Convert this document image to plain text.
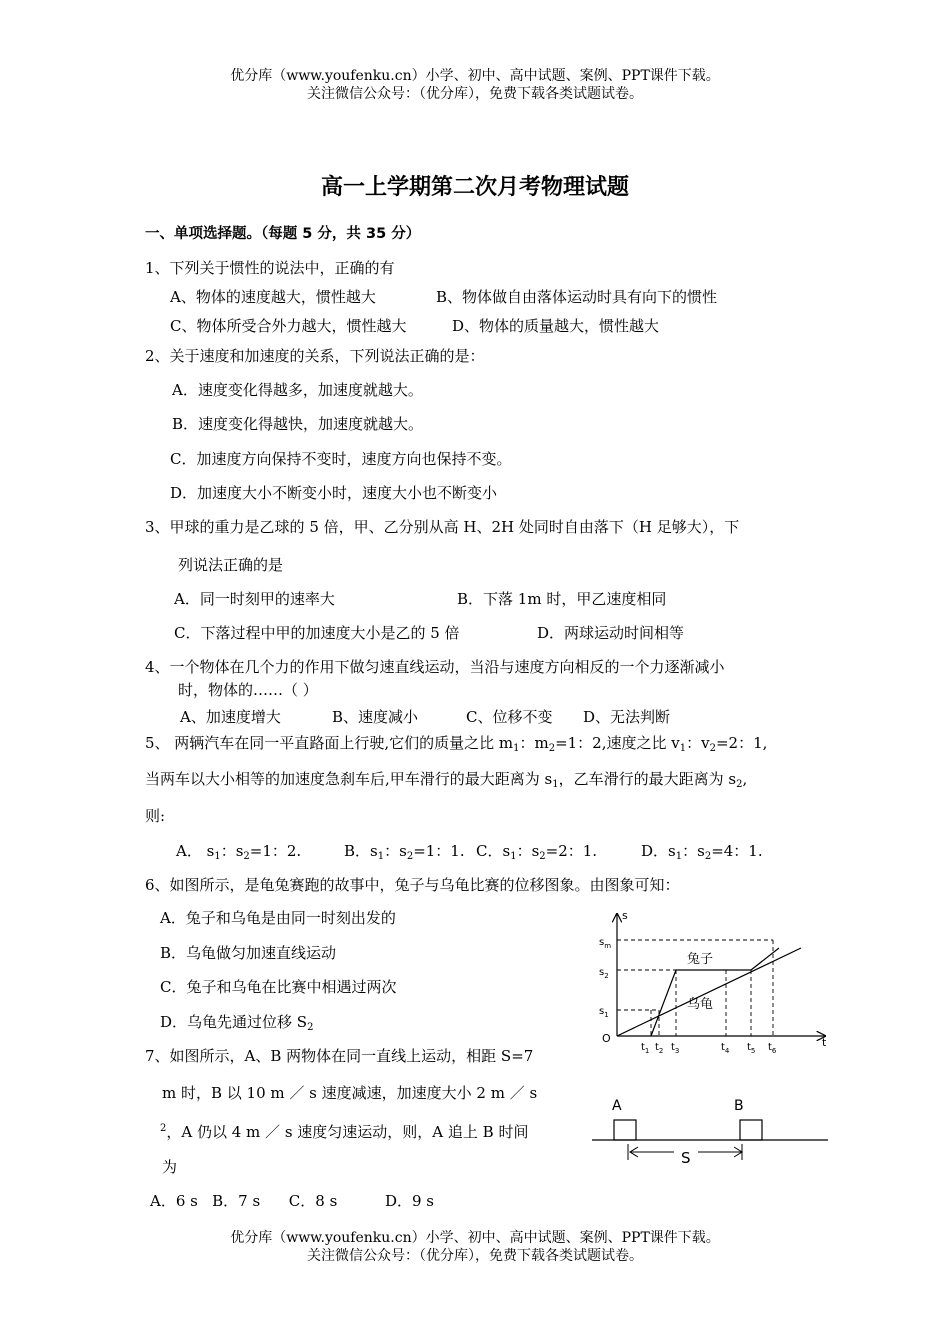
优分库（www.youfenku.cn）小学、初中、高中试题、案例、PPT课件下载。
关注微信公众号：（优分库），免费下载各类试题试卷。
高一上学期第二次月考物理试题
一、单项选择题。（每题 5 分，共 35 分）
1、下列关于惯性的说法中，正确的有
A、物体的速度越大，惯性越大	B、物体做自由落体运动时具有向下的惯性
C、物体所受合外力越大，惯性越大	D、物体的质量越大，惯性越大
2、关于速度和加速度的关系，下列说法正确的是：
A．速度变化得越多，加速度就越大。
B．速度变化得越快，加速度就越大。
C．加速度方向保持不变时，速度方向也保持不变。
D．加速度大小不断变小时，速度大小也不断变小
3、甲球的重力是乙球的 5 倍，甲、乙分别从高 H、2H 处同时自由落下（H 足够大），下
列说法正确的是
A．同一时刻甲的速率大	B．下落 1m 时，甲乙速度相同
C．下落过程中甲的加速度大小是乙的 5 倍	D．两球运动时间相等
4、一个物体在几个力的作用下做匀速直线运动，当沿与速度方向相反的一个力逐渐减小
时，物体的……（ ）
A、加速度增大	B、速度减小	C、位移不变 D、无法判断
5、 两辆汽车在同一平直路面上行驶,它们的质量之比 $m_1$：$m_2=1$：2,速度之比 $v_1$：$v_2=2$：1,
当两车以大小相等的加速度急刹车后,甲车滑行的最大距离为 $s_1$，乙车滑行的最大距离为 $s_2$,
则:
A． $s_1$：$s_2=1$：2.	B．$s_1$：$s_2=1$：1. C．$s_1$：$s_2=2$：1.	D．$s_1$：$s_2=4$：1.
6、如图所示，是龟兔赛跑的故事中，兔子与乌龟比赛的位移图象。由图象可知：
A．兔子和乌龟是由同一时刻出发的
B．乌龟做匀加速直线运动
C．兔子和乌龟在比赛中相遇过两次
D．乌龟先通过位移 $S_2$
s
t
O
兔子
乌龟
$s_m$
$s_2$
$s_1$
$t_1$ $t_2$ $t_3$	$t_4$ $t_5$ $t_6$
7、如图所示，A、B 两物体在同一直线上运动，相距 S=7
m 时，B 以 10 m ／ s 速度减速，加速度大小 2 m ／ s
$^2$，A 仍以 4 m ／ s 速度匀速运动，则，A 追上 B 时间
为
A．6 s   B．7 s      C．8 s          D．9 s
A	B
S
优分库（www.youfenku.cn）小学、初中、高中试题、案例、PPT课件下载。
关注微信公众号：（优分库），免费下载各类试题试卷。
